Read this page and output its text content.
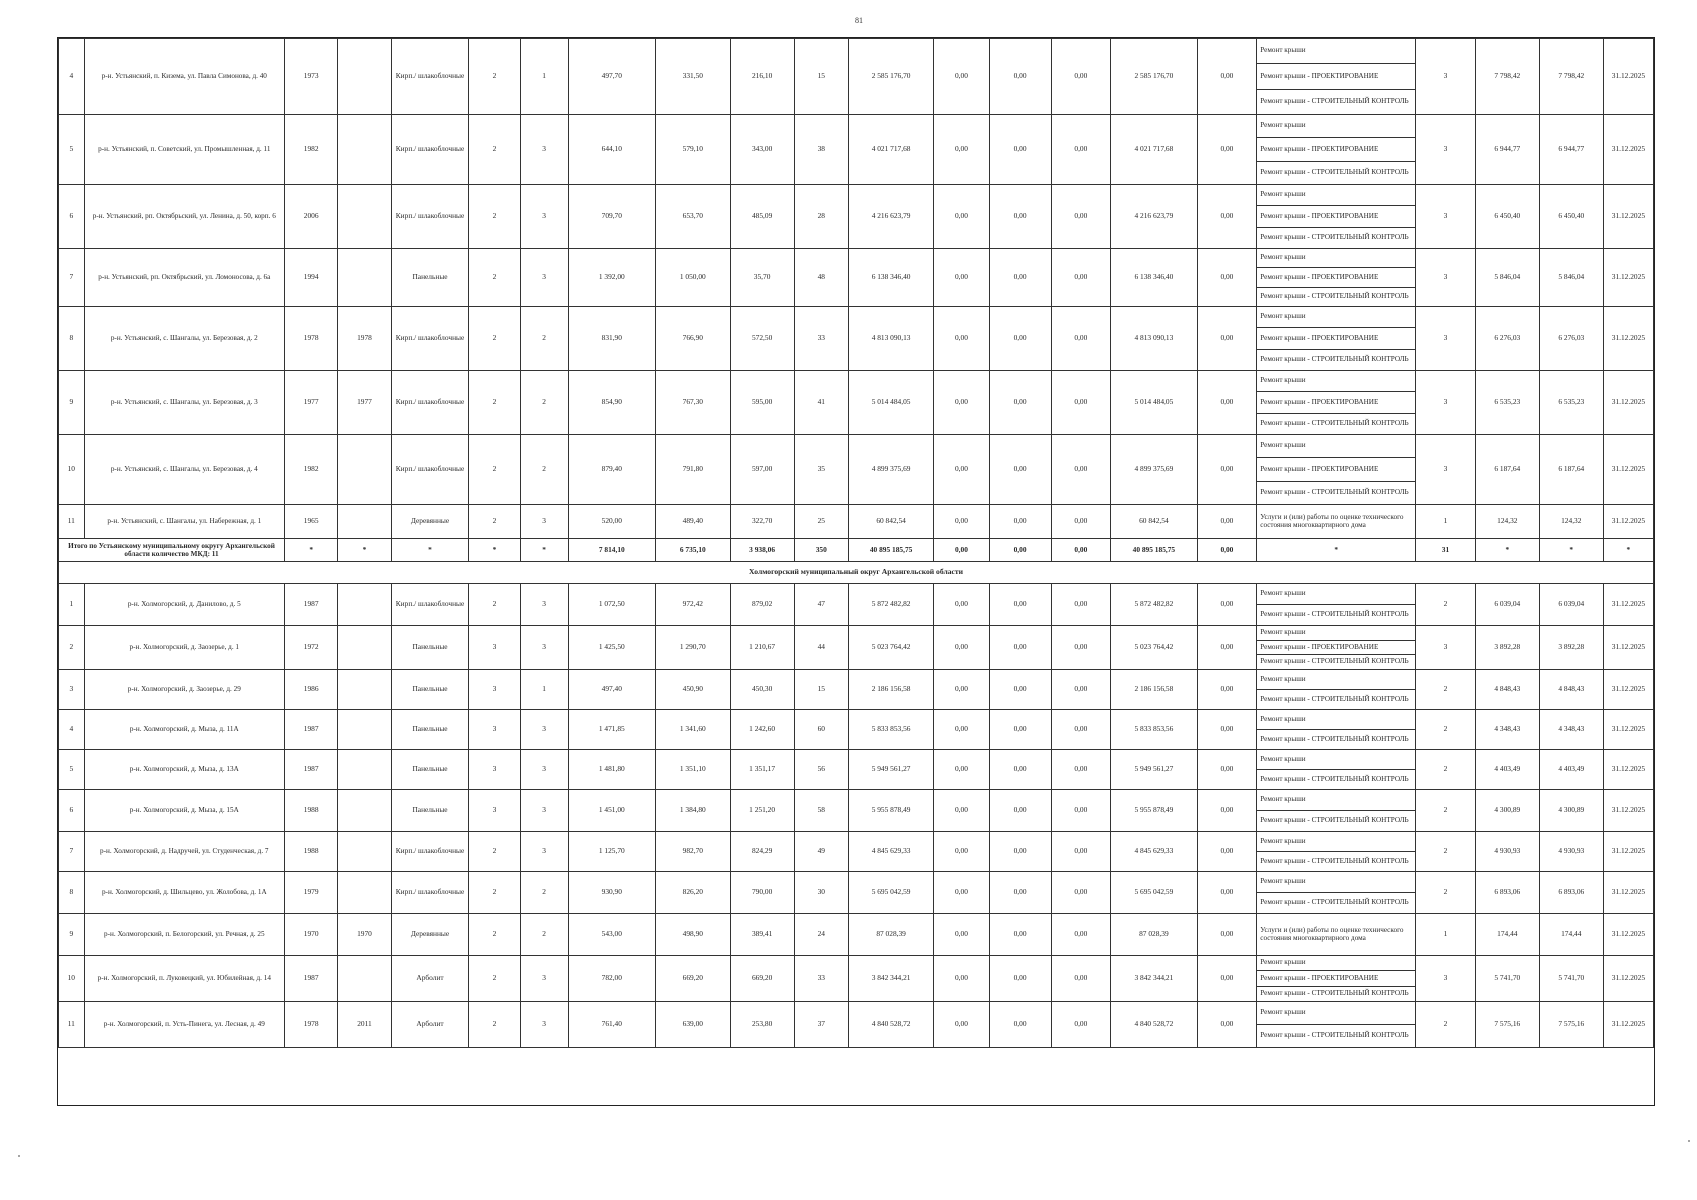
81
4	р-н. Устьянский, п. Кизема, ул. Павла Симонова, д. 40	1973		Кирп./ шлакоблочные	2	1	497,70	331,50	216,10	15	2 585 176,70	0,00	0,00	0,00	2 585 176,70	0,00	Ремонт крыши
Ремонт крыши - ПРОЕКТИРОВАНИЕ
Ремонт крыши - СТРОИТЕЛЬНЫЙ КОНТРОЛЬ	3	7 798,42	7 798,42	31.12.2025
5	р-н. Устьянский, п. Советский, ул. Промышленная, д. 11	1982		Кирп./ шлакоблочные	2	3	644,10	579,10	343,00	38	4 021 717,68	0,00	0,00	0,00	4 021 717,68	0,00	Ремонт крыши
Ремонт крыши - ПРОЕКТИРОВАНИЕ
Ремонт крыши - СТРОИТЕЛЬНЫЙ КОНТРОЛЬ	3	6 944,77	6 944,77	31.12.2025
6	р-н. Устьянский, рп. Октябрьский, ул. Ленина, д. 50, корп. 6	2006		Кирп./ шлакоблочные	2	3	709,70	653,70	485,09	28	4 216 623,79	0,00	0,00	0,00	4 216 623,79	0,00	Ремонт крыши
Ремонт крыши - ПРОЕКТИРОВАНИЕ
Ремонт крыши - СТРОИТЕЛЬНЫЙ КОНТРОЛЬ	3	6 450,40	6 450,40	31.12.2025
7	р-н. Устьянский, рп. Октябрьский, ул. Ломоносова, д. 6а	1994		Панельные	2	3	1 392,00	1 050,00	35,70	48	6 138 346,40	0,00	0,00	0,00	6 138 346,40	0,00	Ремонт крыши
Ремонт крыши - ПРОЕКТИРОВАНИЕ
Ремонт крыши - СТРОИТЕЛЬНЫЙ КОНТРОЛЬ	3	5 846,04	5 846,04	31.12.2025
8	р-н. Устьянский, с. Шангалы, ул. Березовая, д. 2	1978	1978	Кирп./ шлакоблочные	2	2	831,90	766,90	572,50	33	4 813 090,13	0,00	0,00	0,00	4 813 090,13	0,00	Ремонт крыши
Ремонт крыши - ПРОЕКТИРОВАНИЕ
Ремонт крыши - СТРОИТЕЛЬНЫЙ КОНТРОЛЬ	3	6 276,03	6 276,03	31.12.2025
9	р-н. Устьянский, с. Шангалы, ул. Березовая, д. 3	1977	1977	Кирп./ шлакоблочные	2	2	854,90	767,30	595,00	41	5 014 484,05	0,00	0,00	0,00	5 014 484,05	0,00	Ремонт крыши
Ремонт крыши - ПРОЕКТИРОВАНИЕ
Ремонт крыши - СТРОИТЕЛЬНЫЙ КОНТРОЛЬ	3	6 535,23	6 535,23	31.12.2025
10	р-н. Устьянский, с. Шангалы, ул. Березовая, д. 4	1982		Кирп./ шлакоблочные	2	2	879,40	791,80	597,00	35	4 899 375,69	0,00	0,00	0,00	4 899 375,69	0,00	Ремонт крыши
Ремонт крыши - ПРОЕКТИРОВАНИЕ
Ремонт крыши - СТРОИТЕЛЬНЫЙ КОНТРОЛЬ	3	6 187,64	6 187,64	31.12.2025
11	р-н. Устьянский, с. Шангалы, ул. Набережная, д. 1	1965		Деревянные	2	3	520,00	489,40	322,70	25	60 842,54	0,00	0,00	0,00	60 842,54	0,00	Услуги и (или) работы по оценке технического состояния многоквартирного дома	1	124,32	124,32	31.12.2025
Итого по Устьянскому муниципальному округу Архангельской области количество МКД: 11		*	*	*	*	*	7 814,10	6 735,10	3 938,06	350	40 895 185,75	0,00	0,00	0,00	40 895 185,75	0,00	*	31	*	*	*
Холмогорский муниципальный округ Архангельской области																					
1	р-н. Холмогорский, д. Данилово, д. 5	1987		Кирп./ шлакоблочные	2	3	1 072,50	972,42	879,02	47	5 872 482,82	0,00	0,00	0,00	5 872 482,82	0,00	Ремонт крыши
Ремонт крыши - СТРОИТЕЛЬНЫЙ КОНТРОЛЬ	2	6 039,04	6 039,04	31.12.2025
2	р-н. Холмогорский, д. Заозерье, д. 1	1972		Панельные	3	3	1 425,50	1 290,70	1 210,67	44	5 023 764,42	0,00	0,00	0,00	5 023 764,42	0,00	Ремонт крыши
Ремонт крыши - ПРОЕКТИРОВАНИЕ
Ремонт крыши - СТРОИТЕЛЬНЫЙ КОНТРОЛЬ	3	3 892,28	3 892,28	31.12.2025
3	р-н. Холмогорский, д. Заозерье, д. 29	1986		Панельные	3	1	497,40	450,90	450,30	15	2 186 156,58	0,00	0,00	0,00	2 186 156,58	0,00	Ремонт крыши
Ремонт крыши - СТРОИТЕЛЬНЫЙ КОНТРОЛЬ	2	4 848,43	4 848,43	31.12.2025
4	р-н. Холмогорский, д. Мыза, д. 11А	1987		Панельные	3	3	1 471,85	1 341,60	1 242,60	60	5 833 853,56	0,00	0,00	0,00	5 833 853,56	0,00	Ремонт крыши
Ремонт крыши - СТРОИТЕЛЬНЫЙ КОНТРОЛЬ	2	4 348,43	4 348,43	31.12.2025
5	р-н. Холмогорский, д. Мыза, д. 13А	1987		Панельные	3	3	1 481,80	1 351,10	1 351,17	56	5 949 561,27	0,00	0,00	0,00	5 949 561,27	0,00	Ремонт крыши
Ремонт крыши - СТРОИТЕЛЬНЫЙ КОНТРОЛЬ	2	4 403,49	4 403,49	31.12.2025
6	р-н. Холмогорский, д. Мыза, д. 15А	1988		Панельные	3	3	1 451,00	1 384,80	1 251,20	58	5 955 878,49	0,00	0,00	0,00	5 955 878,49	0,00	Ремонт крыши
Ремонт крыши - СТРОИТЕЛЬНЫЙ КОНТРОЛЬ	2	4 300,89	4 300,89	31.12.2025
7	р-н. Холмогорский, д. Надручей, ул. Студенческая, д. 7	1988		Кирп./ шлакоблочные	2	3	1 125,70	982,70	824,29	49	4 845 629,33	0,00	0,00	0,00	4 845 629,33	0,00	Ремонт крыши
Ремонт крыши - СТРОИТЕЛЬНЫЙ КОНТРОЛЬ	2	4 930,93	4 930,93	31.12.2025
8	р-н. Холмогорский, д. Шильцево, ул. Жолобова, д. 1А	1979		Кирп./ шлакоблочные	2	2	930,90	826,20	790,00	30	5 695 042,59	0,00	0,00	0,00	5 695 042,59	0,00	Ремонт крыши
Ремонт крыши - СТРОИТЕЛЬНЫЙ КОНТРОЛЬ	2	6 893,06	6 893,06	31.12.2025
9	р-н. Холмогорский, п. Белогорский, ул. Речная, д. 25	1970	1970	Деревянные	2	2	543,00	498,90	389,41	24	87 028,39	0,00	0,00	0,00	87 028,39	0,00	Услуги и (или) работы по оценке технического состояния многоквартирного дома	1	174,44	174,44	31.12.2025
10	р-н. Холмогорский, п. Луковецкий, ул. Юбилейная, д. 14	1987		Арболит	2	3	782,00	669,20	669,20	33	3 842 344,21	0,00	0,00	0,00	3 842 344,21	0,00	Ремонт крыши
Ремонт крыши - ПРОЕКТИРОВАНИЕ
Ремонт крыши - СТРОИТЕЛЬНЫЙ КОНТРОЛЬ	3	5 741,70	5 741,70	31.12.2025
11	р-н. Холмогорский, п. Усть-Пинега, ул. Лесная, д. 49	1978	2011	Арболит	2	3	761,40	639,00	253,80	37	4 840 528,72	0,00	0,00	0,00	4 840 528,72	0,00	Ремонт крыши
Ремонт крыши - СТРОИТЕЛЬНЫЙ КОНТРОЛЬ	2	7 575,16	7 575,16	31.12.2025
